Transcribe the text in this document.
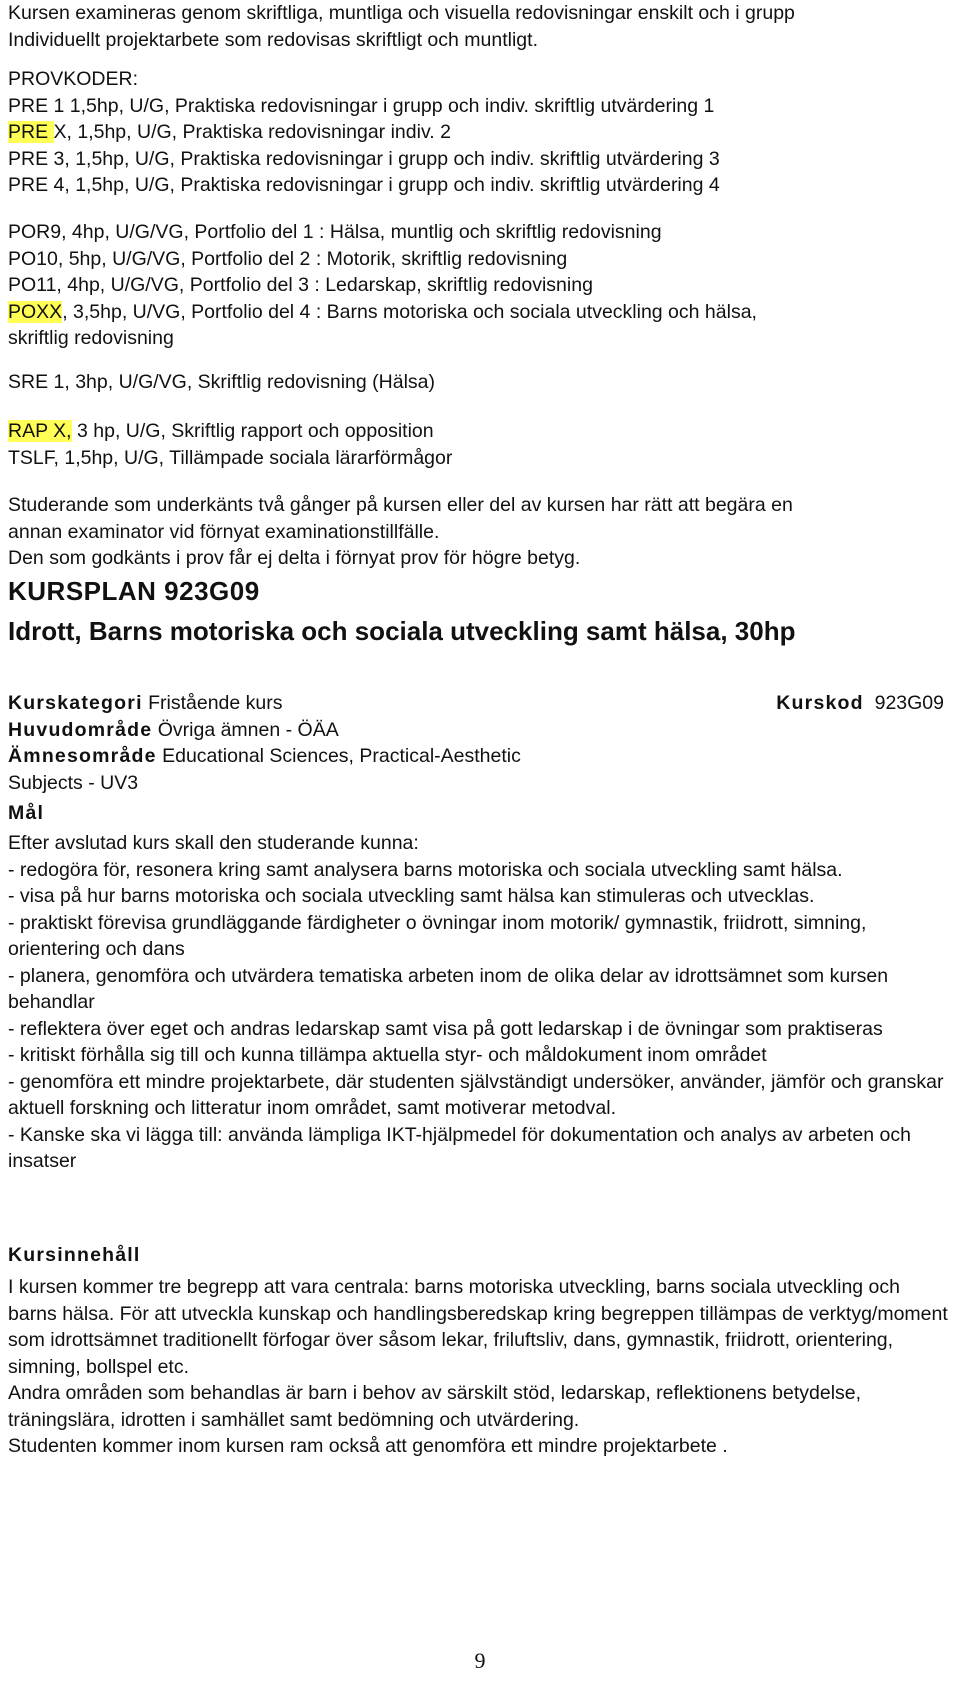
Kursen examineras genom skriftliga, muntliga och visuella redovisningar enskilt och i grupp
Individuellt projektarbete som redovisas skriftligt och muntligt.
PROVKODER:
PRE 1 1,5hp, U/G, Praktiska redovisningar i grupp och indiv. skriftlig utvärdering 1
PRE X, 1,5hp, U/G, Praktiska redovisningar indiv. 2
PRE 3, 1,5hp, U/G, Praktiska redovisningar i grupp och indiv. skriftlig utvärdering 3
PRE 4, 1,5hp, U/G, Praktiska redovisningar i grupp och indiv. skriftlig utvärdering 4
POR9, 4hp, U/G/VG, Portfolio del 1 : Hälsa, muntlig och skriftlig redovisning
PO10, 5hp, U/G/VG, Portfolio del 2 : Motorik, skriftlig redovisning
PO11, 4hp, U/G/VG, Portfolio del 3 : Ledarskap, skriftlig redovisning
POXX, 3,5hp, U/VG, Portfolio del 4 : Barns motoriska och sociala utveckling och hälsa,
skriftlig redovisning
SRE 1, 3hp, U/G/VG, Skriftlig redovisning (Hälsa)
RAP X, 3 hp, U/G, Skriftlig rapport och opposition
TSLF, 1,5hp, U/G, Tillämpade sociala lärarförmågor
Studerande som underkänts två gånger på kursen eller del av kursen har rätt att begära en
annan examinator vid förnyat examinationstillfälle.
Den som godkänts i prov får ej delta i förnyat prov för högre betyg.
KURSPLAN 923G09
Idrott, Barns motoriska och sociala utveckling samt hälsa, 30hp
Kurskategori Fristående kurs	Kurskod  923G09
Huvudområde Övriga ämnen - ÖÄA
Ämnesområde Educational Sciences, Practical-Aesthetic
Subjects - UV3
Mål
Efter avslutad kurs skall den studerande kunna:
- redogöra för, resonera kring samt analysera barns motoriska och sociala utveckling samt hälsa.
- visa på hur barns motoriska och sociala utveckling samt hälsa kan stimuleras och utvecklas.
- praktiskt förevisa grundläggande färdigheter o övningar inom motorik/ gymnastik, friidrott, simning, orientering och dans
- planera, genomföra och utvärdera tematiska arbeten inom de olika delar av idrottsämnet som kursen behandlar
- reflektera över eget och andras ledarskap samt visa på gott ledarskap i de övningar som praktiseras
- kritiskt förhålla sig till och kunna tillämpa aktuella styr- och måldokument inom området
- genomföra ett mindre projektarbete, där studenten självständigt undersöker, använder, jämför och granskar aktuell forskning och litteratur inom området, samt motiverar metodval.
- Kanske ska vi lägga till: använda lämpliga IKT-hjälpmedel för dokumentation och analys av arbeten och insatser
Kursinnehåll
I kursen kommer tre begrepp att vara centrala: barns motoriska utveckling, barns sociala utveckling och barns hälsa. För att utveckla kunskap och handlingsberedskap kring begreppen tillämpas de verktyg/moment som idrottsämnet traditionellt förfogar över såsom lekar, friluftsliv, dans, gymnastik, friidrott, orientering, simning, bollspel etc.
Andra områden som behandlas är barn i behov av särskilt stöd, ledarskap, reflektionens betydelse, träningslära, idrotten i samhället samt bedömning och utvärdering.
Studenten kommer inom kursen ram också att genomföra ett mindre projektarbete .
9
